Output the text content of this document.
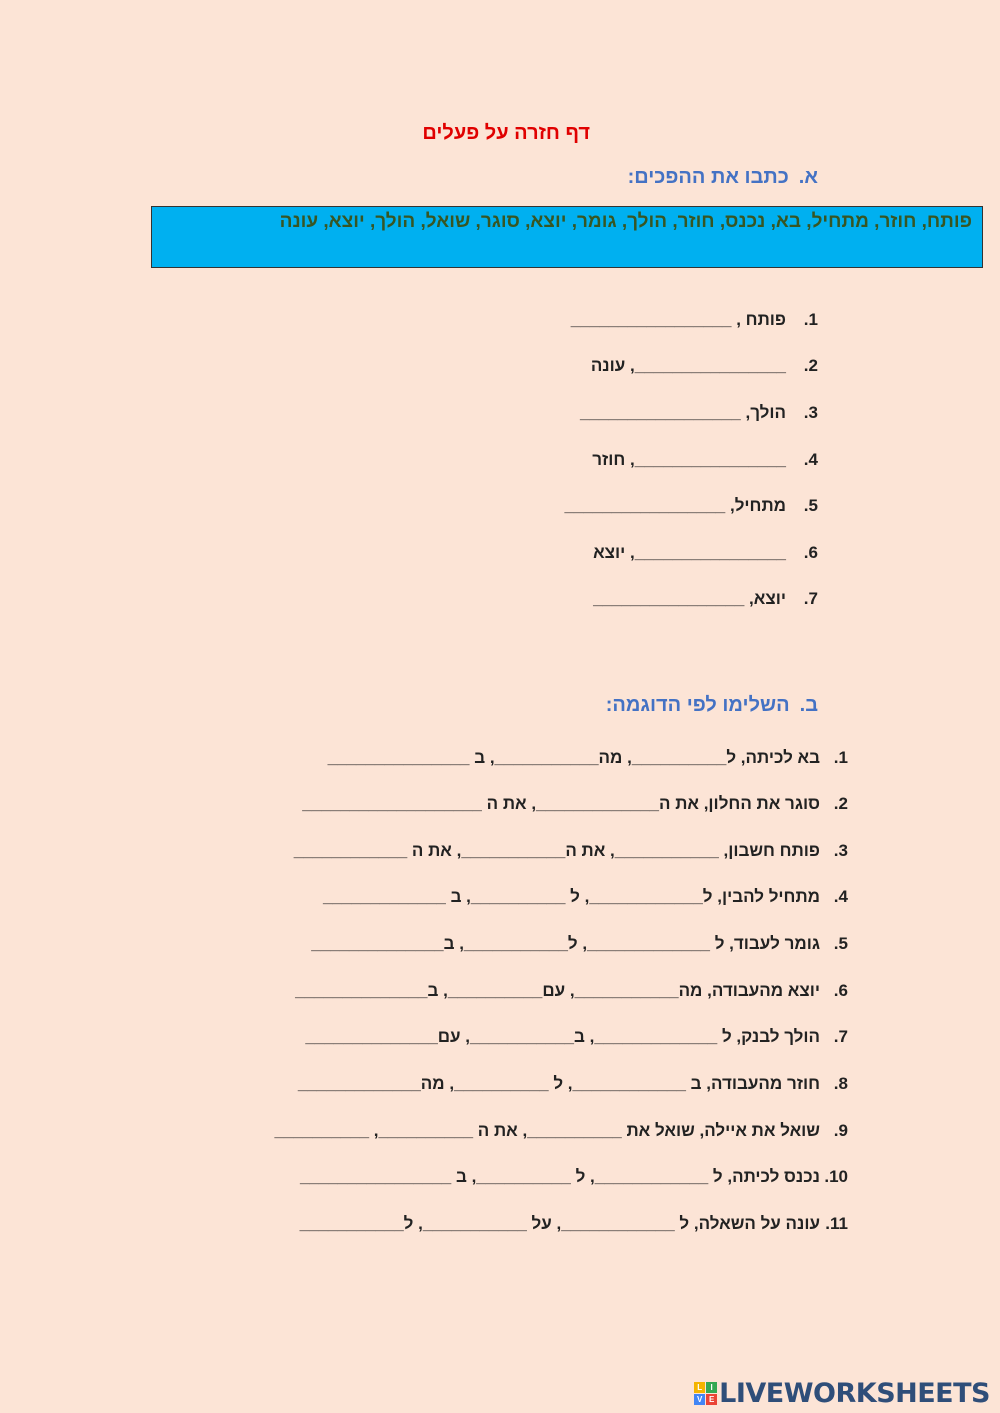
דף חזרה על פעלים
א.
כתבו את ההפכים:
פותח, חוזר, מתחיל, בא, נכנס, חוזר, הולך, גומר, יוצא, סוגר, שואל, הולך, יוצא, עונה
1.פותח , _________________
2.________________, עונה
3.הולך, _________________
4.________________, חוזר
5.מתחיל, _________________
6.________________, יוצא
7.יוצא, ________________
ב.
השלימו לפי הדוגמה:
1.בא לכיתה, ל__________, מה___________, ב _______________
2.סוגר את החלון, את ה_____________, את ה ___________________
3.פותח חשבון, ___________, את ה___________, את ה ____________
4.מתחיל להבין, ל____________, ל __________, ב _____________
5.גומר לעבוד, ל _____________, ל___________, ב______________
6.יוצא מהעבודה, מה___________, עם__________, ב______________
7.הולך לבנק, ל _____________, ב___________, עם______________
8.חוזר מהעבודה, ב ____________, ל __________, מה_____________
9.שואל את איילה, שואל את __________, את ה __________, __________
10.נכנס לכיתה, ל ____________, ל __________, ב ________________
11.עונה על השאלה, ל ____________, על ___________, ל___________
L	I
V E LIVEWORKSHEETS
